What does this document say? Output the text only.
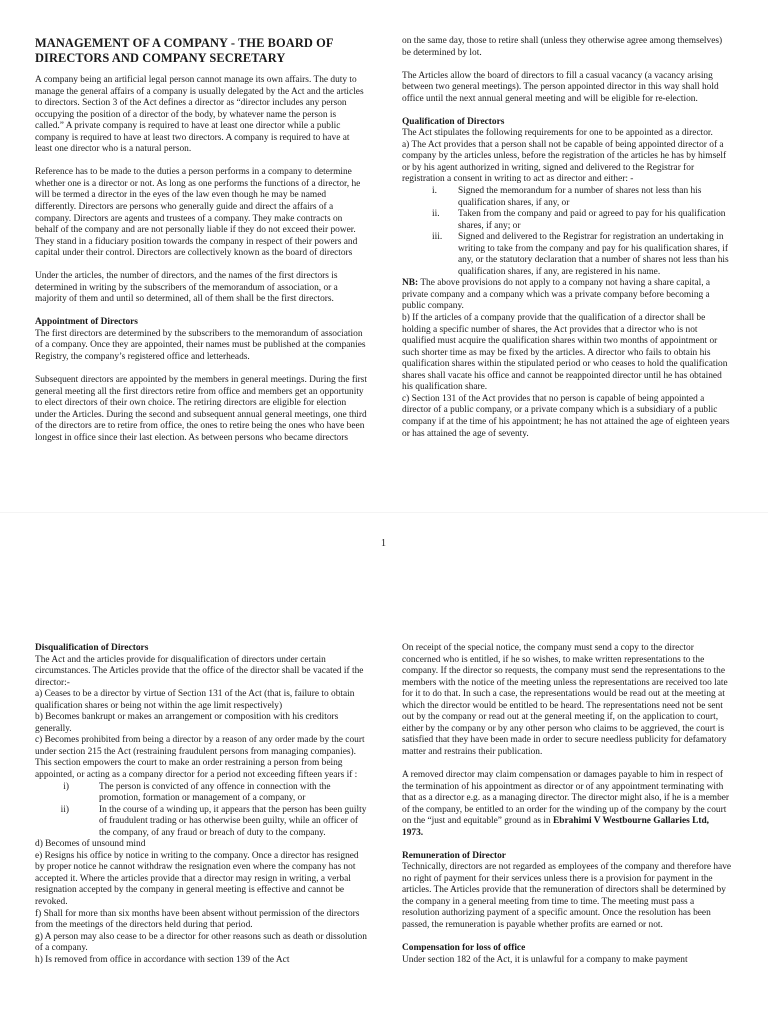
MANAGEMENT OF A COMPANY - THE BOARD OF DIRECTORS AND COMPANY SECRETARY

A company being an artificial legal person cannot manage its own affairs. The duty to manage the general affairs of a company is usually delegated by the Act and the articles to directors. Section 3 of the Act defines a director as “director includes any person occupying the position of a director of the body, by whatever name the person is called.” A private company is required to have at least one director while a public company is required to have at least two directors. A company is required to have at least one director who is a natural person.

Reference has to be made to the duties a person performs in a company to determine whether one is a director or not. As long as one performs the functions of a director, he will be termed a director in the eyes of the law even though he may be named differently. Directors are persons who generally guide and direct the affairs of a company. Directors are agents and trustees of a company. They make contracts on behalf of the company and are not personally liable if they do not exceed their power. They stand in a fiduciary position towards the company in respect of their powers and capital under their control. Directors are collectively known as the board of directors

Under the articles, the number of directors, and the names of the first directors is determined in writing by the subscribers of the memorandum of association, or a majority of them and until so determined, all of them shall be the first directors.

Appointment of Directors

The first directors are determined by the subscribers to the memorandum of association of a company. Once they are appointed, their names must be published at the companies Registry, the company’s registered office and letterheads.

Subsequent directors are appointed by the members in general meetings. During the first general meeting all the first directors retire from office and members get an opportunity to elect directors of their own choice. The retiring directors are eligible for election under the Articles. During the second and subsequent annual general meetings, one third of the directors are to retire from office, the ones to retire being the ones who have been longest in office since their last election. As between persons who became directors

on the same day, those to retire shall (unless they otherwise agree among themselves) be determined by lot.

The Articles allow the board of directors to fill a casual vacancy (a vacancy arising between two general meetings). The person appointed director in this way shall hold office until the next annual general meeting and will be eligible for re-election.

Qualification of Directors
The Act stipulates the following requirements for one to be appointed as a director.
a) The Act provides that a person shall not be capable of being appointed director of a company by the articles unless, before the registration of the articles he has by himself or by his agent authorized in writing, signed and delivered to the Registrar for registration a consent in writing to act as director and either: -
i.	Signed the memorandum for a number of shares not less than his qualification shares, if any, or
ii.	Taken from the company and paid or agreed to pay for his qualification shares, if any; or
iii.	Signed and delivered to the Registrar for registration an undertaking in writing to take from the company and pay for his qualification shares, if any, or the statutory declaration that a number of shares not less than his qualification shares, if any, are registered in his name.
NB: The above provisions do not apply to a company not having a share capital, a private company and a company which was a private company before becoming a public company.
b) If the articles of a company provide that the qualification of a director shall be holding a specific number of shares, the Act provides that a director who is not qualified must acquire the qualification shares within two months of appointment or such shorter time as may be fixed by the articles. A director who fails to obtain his qualification shares within the stipulated period or who ceases to hold the qualification shares shall vacate his office and cannot be reappointed director until he has obtained his qualification share.
c) Section 131 of the Act provides that no person is capable of being appointed a director of a public company, or a private company which is a subsidiary of a public company if at the time of his appointment; he has not attained the age of eighteen years or has attained the age of seventy.
1
Disqualification of Directors
The Act and the articles provide for disqualification of directors under certain circumstances. The Articles provide that the office of the director shall be vacated if the director:-
a) Ceases to be a director by virtue of Section 131 of the Act (that is, failure to obtain qualification shares or being not within the age limit respectively)
b) Becomes bankrupt or makes an arrangement or composition with his creditors generally.
c) Becomes prohibited from being a director by a reason of any order made by the court under section 215 the Act (restraining fraudulent persons from managing companies). This section empowers the court to make an order restraining a person from being appointed, or acting as a company director for a period not exceeding fifteen years if :
i)	The person is convicted of any offence in connection with the promotion, formation or management of a company, or
ii)	In the course of a winding up, it appears that the person has been guilty of fraudulent trading or has otherwise been guilty, while an officer of the company, of any fraud or breach of duty to the company.
d) Becomes of unsound mind
e) Resigns his office by notice in writing to the company. Once a director has resigned by proper notice he cannot withdraw the resignation even where the company has not accepted it. Where the articles provide that a director may resign in writing, a verbal resignation accepted by the company in general meeting is effective and cannot be revoked.
f) Shall for more than six months have been absent without permission of the directors from the meetings of the directors held during that period.
g) A person may also cease to be a director for other reasons such as death or dissolution of a company.
h) Is removed from office in accordance with section 139 of the Act

On receipt of the special notice, the company must send a copy to the director concerned who is entitled, if he so wishes, to make written representations to the company. If the director so requests, the company must send the representations to the members with the notice of the meeting unless the representations are received too late for it to do that. In such a case, the representations would be read out at the meeting at which the director would be entitled to be heard. The representations need not be sent out by the company or read out at the general meeting if, on the application to court, either by the company or by any other person who claims to be aggrieved, the court is satisfied that they have been made in order to secure needless publicity for defamatory matter and restrains their publication.

A removed director may claim compensation or damages payable to him in respect of the termination of his appointment as director or of any appointment terminating with that as a director e.g. as a managing director. The director might also, if he is a member of the company, be entitled to an order for the winding up of the company by the court on the “just and equitable” ground as in Ebrahimi V Westbourne Gallaries Ltd, 1973.

Remuneration of Director

Technically, directors are not regarded as employees of the company and therefore have no right of payment for their services unless there is a provision for payment in the articles. The Articles provide that the remuneration of directors shall be determined by the company in a general meeting from time to time. The meeting must pass a resolution authorizing payment of a specific amount. Once the resolution has been passed, the remuneration is payable whether profits are earned or not.

Compensation for loss of office
Under section 182 of the Act, it is unlawful for a company to make payment
